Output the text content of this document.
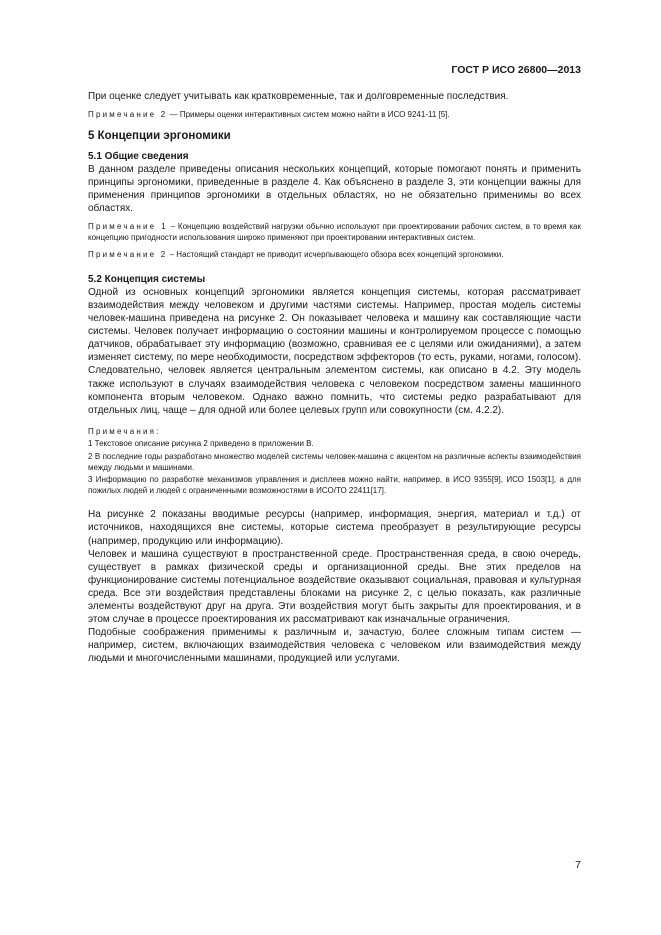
ГОСТ Р ИСО 26800—2013

При оценке следует учитывать как кратковременные, так и долговременные последствия.

Примечание 2 — Примеры оценки интерактивных систем можно найти в ИСО 9241-11 [5].

5 Концепции эргономики
5.1 Общие сведения

В данном разделе приведены описания нескольких концепций, которые помогают понять и применить принципы эргономики, приведенные в разделе 4. Как объяснено в разделе 3, эти концепции важны для применения принципов эргономики в отдельных областях, но не обязательно применимы во всех областях.

Примечание 1 – Концепцию воздействий нагрузки обычно используют при проектировании рабочих систем, в то время как концепцию пригодности использования широко применяют при проектировании интерактивных систем.

Примечание 2 – Настоящий стандарт не приводит исчерпывающего обзора всех концепций эргономики.

5.2 Концепция системы

Одной из основных концепций эргономики является концепция системы, которая рассматривает взаимодействия между человеком и другими частями системы. Например, простая модель системы человек-машина приведена на рисунке 2. Он показывает человека и машину как составляющие части системы. Человек получает информацию о состоянии машины и контролируемом процессе с помощью датчиков, обрабатывает эту информацию (возможно, сравнивая ее с целями или ожиданиями), а затем изменяет систему, по мере необходимости, посредством эффекторов (то есть, руками, ногами, голосом). Следовательно, человек является центральным элементом системы, как описано в 4.2. Эту модель также используют в случаях взаимодействия человека с человеком посредством замены машинного компонента вторым человеком. Однако важно помнить, что системы редко разрабатывают для отдельных лиц, чаще – для одной или более целевых групп или совокупности (см. 4.2.2).

Примечания:

1 Текстовое описание рисунка 2 приведено в приложении В.

2 В последние годы разработано множество моделей системы человек-машина с акцентом на различные аспекты взаимодействия между людьми и машинами.

3 Информацию по разработке механизмов управления и дисплеев можно найти, например, в ИСО 9355[9], ИСО 1503[1], а для пожилых людей и людей с ограниченными возможностями в ИСО/ТО 22411[17].

На рисунке 2 показаны вводимые ресурсы (например, информация, энергия, материал и т.д.) от источников, находящихся вне системы, которые система преобразует в результирующие ресурсы (например, продукцию или информацию).

Человек и машина существуют в пространственной среде. Пространственная среда, в свою очередь, существует в рамках физической среды и организационной среды. Вне этих пределов на функционирование системы потенциальное воздействие оказывают социальная, правовая и культурная среда. Все эти воздействия представлены блоками на рисунке 2, с целью показать, как различные элементы воздействуют друг на друга. Эти воздействия могут быть закрыты для проектирования, и в этом случае в процессе проектирования их рассматривают как изначальные ограничения.

Подобные соображения применимы к различным и, зачастую, более сложным типам систем — например, систем, включающих взаимодействия человека с человеком или взаимодействия между людьми и многочисленными машинами, продукцией или услугами.

7
